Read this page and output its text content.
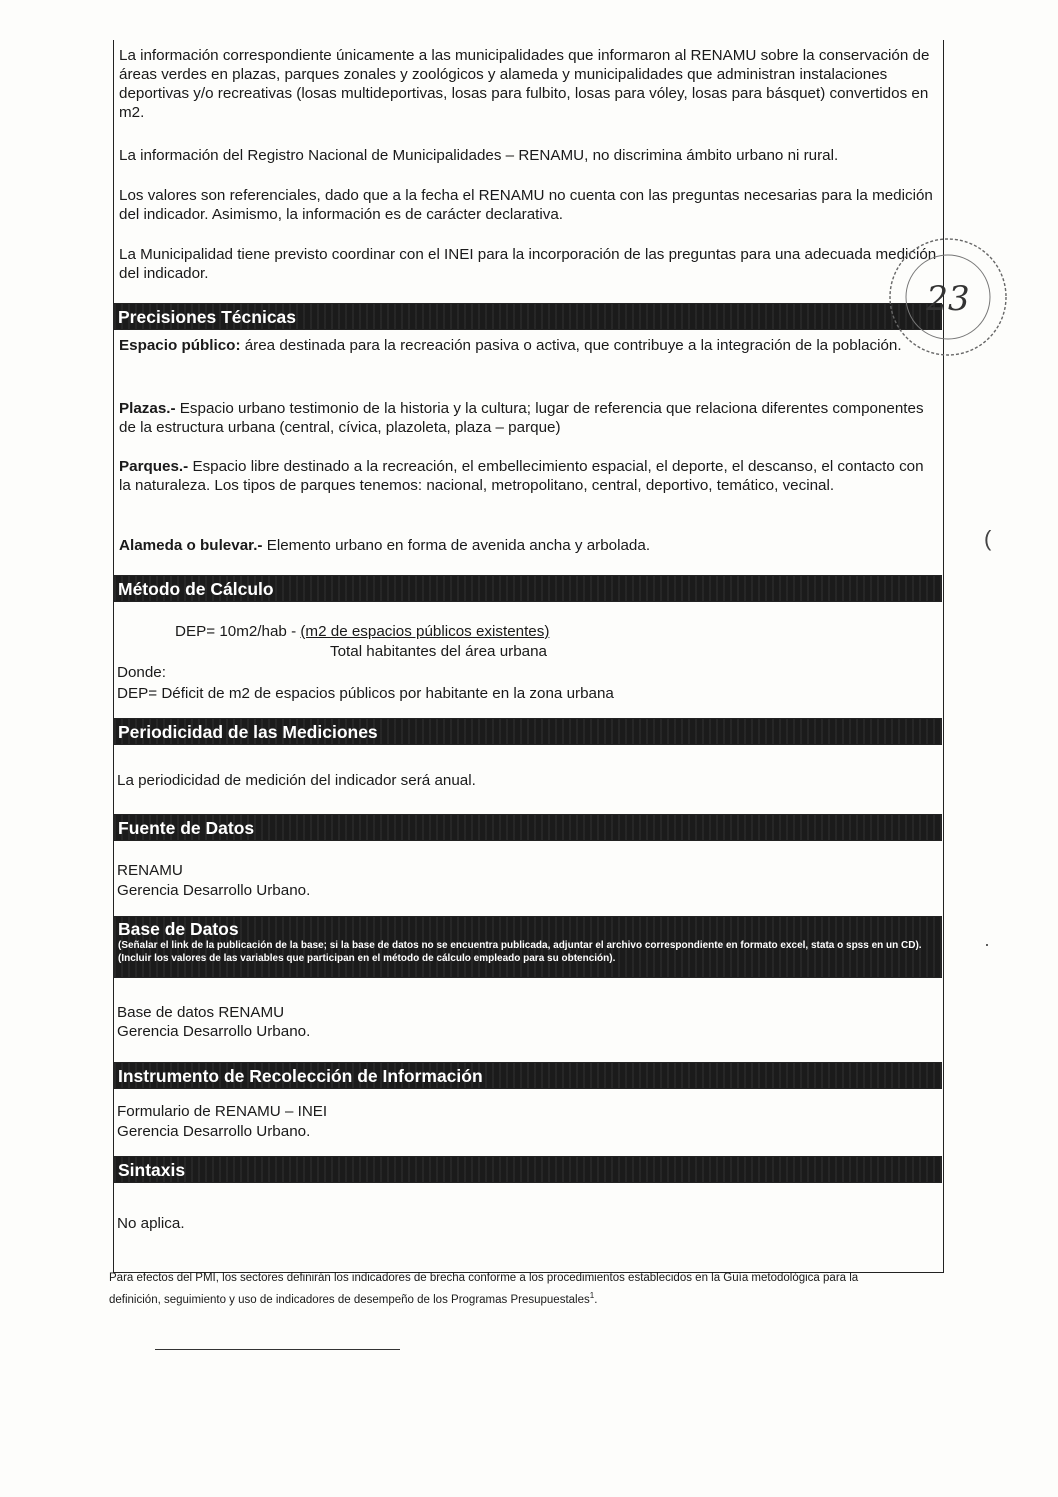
La información correspondiente únicamente a las municipalidades que informaron al RENAMU sobre la conservación de áreas verdes en plazas, parques zonales y zoológicos y alameda y municipalidades que administran instalaciones deportivas y/o recreativas (losas multideportivas, losas para fulbito, losas para vóley, losas para básquet) convertidos en m2.

La información del Registro Nacional de Municipalidades – RENAMU, no discrimina ámbito urbano ni rural.

Los valores son referenciales, dado que a la fecha el RENAMU no cuenta con las preguntas necesarias para la medición del indicador. Asimismo, la información es de carácter declarativa.

La Municipalidad tiene previsto coordinar con el INEI para la incorporación de las preguntas para una adecuada medición del indicador.

Precisiones Técnicas

Espacio público: área destinada para la recreación pasiva o activa, que contribuye a la integración de la población.

Plazas.- Espacio urbano testimonio de la historia y la cultura; lugar de referencia que relaciona diferentes componentes de la estructura urbana (central, cívica, plazoleta, plaza – parque)

Parques.- Espacio libre destinado a la recreación, el embellecimiento espacial, el deporte, el descanso, el contacto con la naturaleza. Los tipos de parques tenemos: nacional, metropolitano, central, deportivo, temático, vecinal.

Alameda o bulevar.- Elemento urbano en forma de avenida ancha y arbolada.

Método de Cálculo
DEP= 10m2/hab - (m2 de espacios públicos existentes)
Total habitantes del área urbana

Donde:

DEP= Déficit de m2 de espacios públicos por habitante en la zona urbana

Periodicidad de las Mediciones

La periodicidad de medición del indicador será anual.

Fuente de Datos

RENAMU

Gerencia Desarrollo Urbano.

Base de Datos
(Señalar el link de la publicación de la base; si la base de datos no se encuentra publicada, adjuntar el archivo correspondiente en formato excel, stata o spss en un CD).
(Incluir los valores de las variables que participan en el método de cálculo empleado para su obtención).

Base de datos RENAMU

Gerencia Desarrollo Urbano.

Instrumento de Recolección de Información

Formulario de RENAMU – INEI

Gerencia Desarrollo Urbano.

Sintaxis

No aplica.

Para efectos del PMI, los sectores definirán los indicadores de brecha conforme a los procedimientos establecidos en la Guía metodológica para la definición, seguimiento y uso de indicadores de desempeño de los Programas Presupuestales$^1$.
23
(
·
